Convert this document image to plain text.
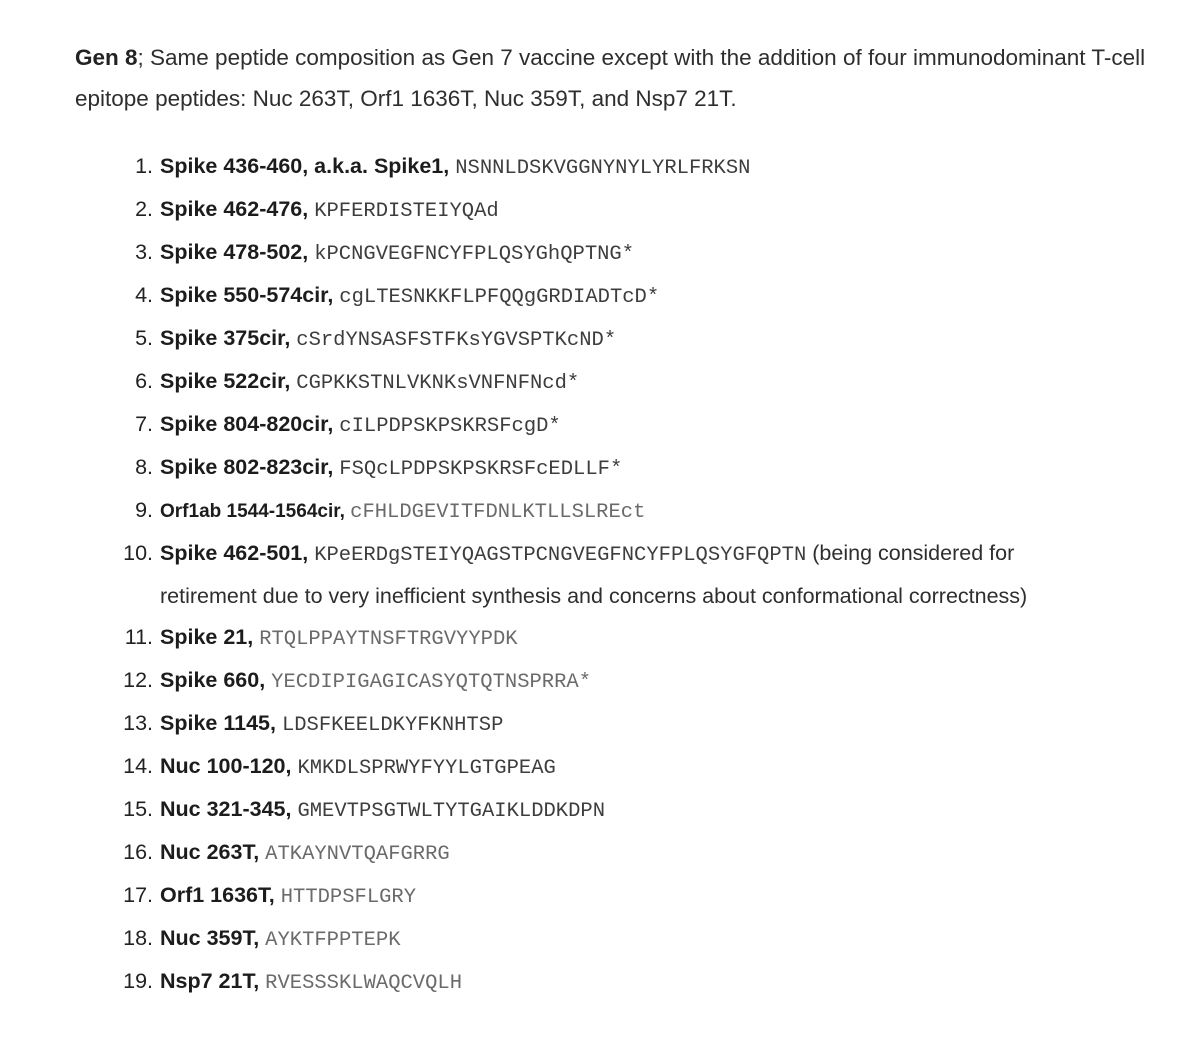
Gen 8; Same peptide composition as Gen 7 vaccine except with the addition of four immunodominant T-cell epitope peptides: Nuc 263T, Orf1 1636T, Nuc 359T, and Nsp7 21T.

1. Spike 436-460, a.k.a. Spike1, NSNNLDSKVGGNYNYLYRLFRKSN
2. Spike 462-476, KPFERDISTEIYQAd
3. Spike 478-502, kPCNGVEGFNCYFPLQSYGhQPTNG*
4. Spike 550-574cir, cgLTESNKKFLPFQQgGRDIADTcD*
5. Spike 375cir, cSrdYNSASFSTFKsYGVSPTKcND*
6. Spike 522cir, CGPKKSTNLVKNKsVNFNFNcd*
7. Spike 804-820cir, cILPDPSKPSKRSFcgD*
8. Spike 802-823cir, FSQcLPDPSKPSKRSFcEDLLF*
9. Orf1ab 1544-1564cir, cFHLDGEVITFDNLKTLLSLREct
10. Spike 462-501, KPeERDgSTEIYQAGSTPCNGVEGFNCYFPLQSYGFQPTN (being considered for retirement due to very inefficient synthesis and concerns about conformational correctness)
11. Spike 21, RTQLPPAYTNSFTRGVYYPDK
12. Spike 660, YECDIPIGAGICASYQTQTNSPRRA*
13. Spike 1145, LDSFKEELDKYFKNHTSP
14. Nuc 100-120, KMKDLSPRWYFYYLGTGPEAG
15. Nuc 321-345, GMEVTPSGTWLTYTGAIKLDDKDPN
16. Nuc 263T, ATKAYNVTQAFGRRG
17. Orf1 1636T, HTTDPSFLGRY
18. Nuc 359T, AYKTFPPTEPK
19. Nsp7 21T, RVESSSKLWAQCVQLH
